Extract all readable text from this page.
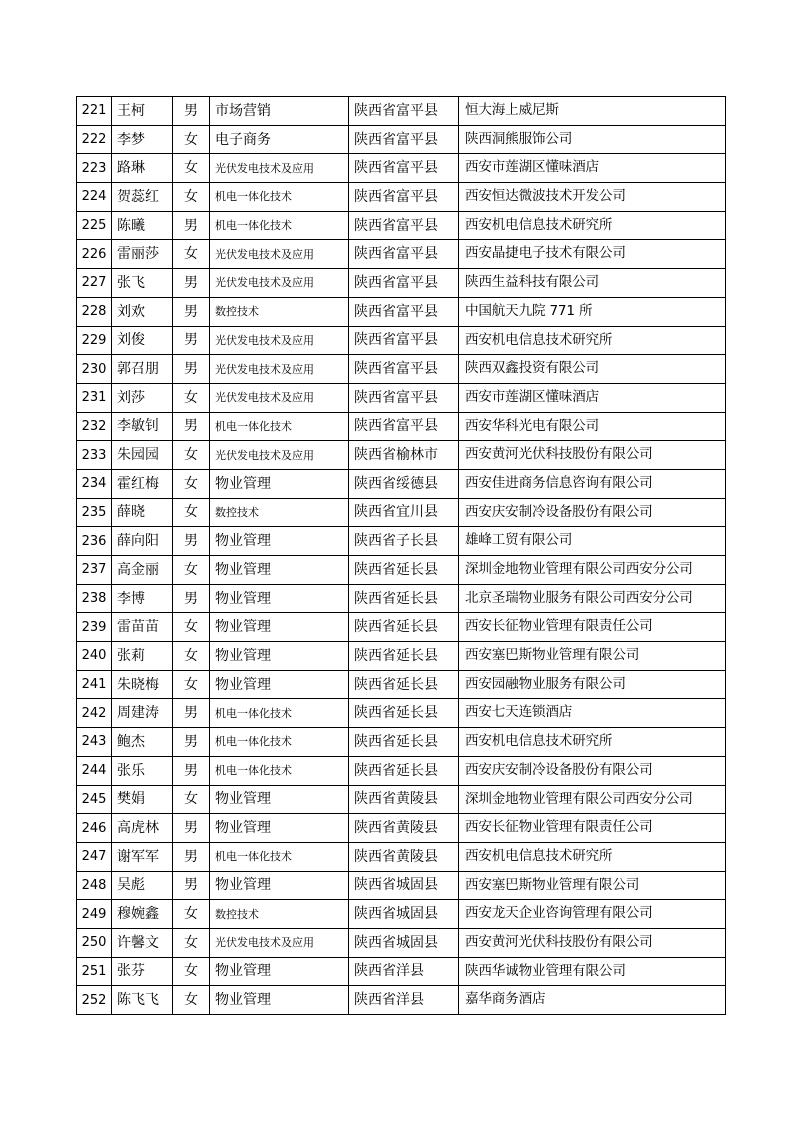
221	王柯	男	市场营销	陕西省富平县	恒大海上威尼斯
222	李梦	女	电子商务	陕西省富平县	陕西洞熊服饰公司
223	路琳	女	光伏发电技术及应用	陕西省富平县	西安市莲湖区懂味酒店
224	贺蕊红	女	机电一体化技术	陕西省富平县	西安恒达微波技术开发公司
225	陈曦	男	机电一体化技术	陕西省富平县	西安机电信息技术研究所
226	雷丽莎	女	光伏发电技术及应用	陕西省富平县	西安晶捷电子技术有限公司
227	张飞	男	光伏发电技术及应用	陕西省富平县	陕西生益科技有限公司
228	刘欢	男	数控技术	陕西省富平县	中国航天九院 771 所
229	刘俊	男	光伏发电技术及应用	陕西省富平县	西安机电信息技术研究所
230	郭召朋	男	光伏发电技术及应用	陕西省富平县	陕西双鑫投资有限公司
231	刘莎	女	光伏发电技术及应用	陕西省富平县	西安市莲湖区懂味酒店
232	李敏钊	男	机电一体化技术	陕西省富平县	西安华科光电有限公司
233	朱园园	女	光伏发电技术及应用	陕西省榆林市	西安黄河光伏科技股份有限公司
234	霍红梅	女	物业管理	陕西省绥德县	西安佳进商务信息咨询有限公司
235	薛晓	女	数控技术	陕西省宜川县	西安庆安制冷设备股份有限公司
236	薛向阳	男	物业管理	陕西省子长县	雄峰工贸有限公司
237	高金丽	女	物业管理	陕西省延长县	深圳金地物业管理有限公司西安分公司
238	李博	男	物业管理	陕西省延长县	北京圣瑞物业服务有限公司西安分公司
239	雷苗苗	女	物业管理	陕西省延长县	西安长征物业管理有限责任公司
240	张莉	女	物业管理	陕西省延长县	西安塞巴斯物业管理有限公司
241	朱晓梅	女	物业管理	陕西省延长县	西安园融物业服务有限公司
242	周建涛	男	机电一体化技术	陕西省延长县	西安七天连锁酒店
243	鲍杰	男	机电一体化技术	陕西省延长县	西安机电信息技术研究所
244	张乐	男	机电一体化技术	陕西省延长县	西安庆安制冷设备股份有限公司
245	樊娟	女	物业管理	陕西省黄陵县	深圳金地物业管理有限公司西安分公司
246	高虎林	男	物业管理	陕西省黄陵县	西安长征物业管理有限责任公司
247	谢军军	男	机电一体化技术	陕西省黄陵县	西安机电信息技术研究所
248	吴彪	男	物业管理	陕西省城固县	西安塞巴斯物业管理有限公司
249	穆婉鑫	女	数控技术	陕西省城固县	西安龙天企业咨询管理有限公司
250	许馨文	女	光伏发电技术及应用	陕西省城固县	西安黄河光伏科技股份有限公司
251	张芬	女	物业管理	陕西省洋县	陕西华诚物业管理有限公司
252	陈飞飞	女	物业管理	陕西省洋县	嘉华商务酒店
